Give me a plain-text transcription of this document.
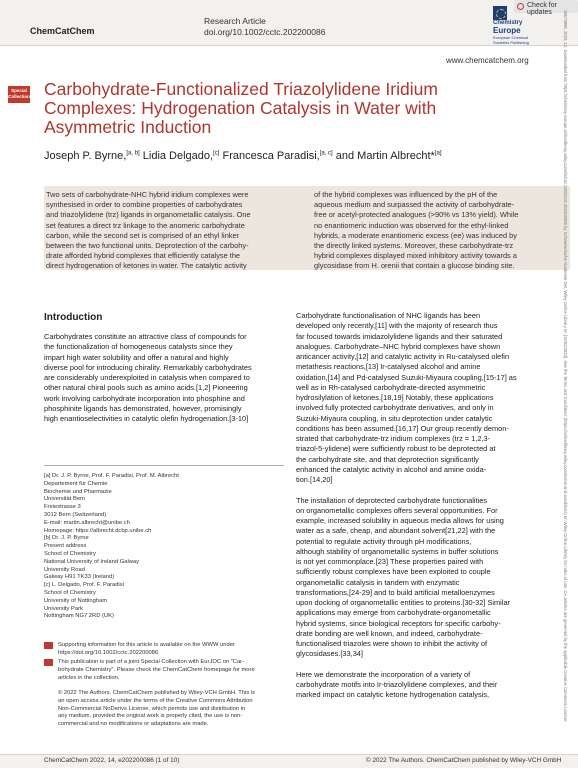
ChemCatChem
Research Article
doi.org/10.1002/cctc.202200086
Chemistry
Europe
European Chemical
Societies Publishing
Check for updates
www.chemcatchem.org
Special
Collection Carbohydrate-Functionalized Triazolylidene Iridium
Complexes: Hydrogenation Catalysis in Water with
Asymmetric Induction
Joseph P. Byrne,[a, b] Lidia Delgado,[c] Francesca Paradisi,[a, c] and Martin Albrecht*[a]
Two sets of carbohydrate-NHC hybrid iridium complexes were
synthesised in order to combine properties of carbohydrates
and triazolylidene (trz) ligands in organometallic catalysis. One
set features a direct trz linkage to the anomeric carbohydrate
carbon, while the second set is comprised of an ethyl linker
between the two functional units. Deprotection of the carbohy-
drate afforded hybrid complexes that efficiently catalyse the
direct hydrogenation of ketones in water. The catalytic activity
of the hybrid complexes was influenced by the pH of the
aqueous medium and surpassed the activity of carbohydrate-
free or acetyl-protected analogues (>90% vs 13% yield). While
no enantiomeric induction was observed for the ethyl-linked
hybrids, a moderate enantiomeric excess (ee) was induced by
the directly linked systems. Moreover, these carbohydrate-trz
hybrid complexes displayed mixed inhibitory activity towards a
glycosidase from H. orenii that contain a glucose binding site.
Introduction
Carbohydrates constitute an attractive class of compounds for
the functionalization of homogeneous catalysts since they
impart high water solubility and offer a natural and highly
diverse pool for introducing chirality. Remarkably carbohydrates
are considerably underexploited in catalysis when compared to
other natural chiral pools such as amino acids.[1,2] Pioneering
work involving carbohydrate incorporation into phosphine and
phosphinite ligands has demonstrated, however, promisingly
high enantioselectivities in catalytic olefin hydrogenation.[3-10]
Carbohydrate functionalisation of NHC ligands has been
developed only recently,[11] with the majority of research thus
far focused towards imidazolylidene ligands and their saturated
analogues. Carbohydrate–NHC hybrid complexes have shown
anticancer activity,[12] and catalytic activity in Ru-catalysed olefin
metathesis reactions,[13] Ir-catalysed alcohol and amine
oxidation,[14] and Pd-catalysed Suzuki-Miyaura coupling,[15-17] as
well as in Rh-catalysed carbohydrate-directed asymmetric
hydrosilylation of ketones.[18,19] Notably, these applications
involved fully protected carbohydrate derivatives, and only in
Suzuki-Miyaura coupling, in situ deprotection under catalytic
conditions has been assumed.[16,17] Our group recently demon-
strated that carbohydrate-trz iridium complexes (trz = 1,2,3-
triazol-5-ylidene) were sufficiently robust to be deprotected at
the carbohydrate site, and that deprotection significantly
enhanced the catalytic activity in alcohol and amine oxida-
tion.[14,20]

The installation of deprotected carbohydrate functionalities
on organometallic complexes offers several opportunities. For
example, increased solubility in aqueous media allows for using
water as a safe, cheap, and abundant solvent[21,22] with the
potential to regulate activity through pH modifications,
although stability of organometallic systems in buffer solutions
is not yet commonplace.[23] These properties paired with
sufficiently robust complexes have been exploited to couple
organometallic catalysis in tandem with enzymatic
transformations,[24-29] and to build artificial metalloenzymes
upon docking of organometallic entities to proteins.[30-32] Similar
applications may emerge from carbohydrate-organometallic
hybrid systems, since biological receptors for specific carbohy-
drate bonding are well known, and indeed, carbohydrate-
functionalised triazoles were shown to inhibit the activity of
glycosidases.[33,34]

Here we demonstrate the incorporation of a variety of
carbohydrate motifs into Ir-triazolylidene complexes, and their
marked impact on catalytic ketone hydrogenation catalysis,
[a] Dr. J. P. Byrne, Prof. F. Paradisi, Prof. M. Albrecht
Departement für Chemie
Biochemie und Pharmazie
Universität Bern
Freiestrasse 3
3012 Bern (Switzerland)
E-mail: martin.albrecht@unibe.ch
Homepage: https://albrecht.dcbp.unibe.ch
[b] Dr. J. P. Byrne
Present address
School of Chemistry
National University of Ireland Galway
University Road
Galway H91 TK33 (Ireland)
[c] L. Delgado, Prof. F. Paradisi
School of Chemistry
University of Nottingham
University Park
Nottingham NG7 2RD (UK)
Supporting information for this article is available on the WWW under
https://doi.org/10.1002/cctc.202200086
This publication is part of a joint Special Collection with EurJOC on "Car-
bohydrate Chemistry". Please check the ChemCatChem homepage for more
articles in the collection.
© 2022 The Authors. ChemCatChem published by Wiley-VCH GmbH. This is
an open access article under the terms of the Creative Commons Attribution
Non-Commercial NoDerivs License, which permits use and distribution in
any medium, provided the original work is properly cited, the use is non-
commercial and no modifications or adaptations are made.
ChemCatChem 2022, 14, e202200086 (1 of 10)	© 2022 The Authors. ChemCatChem published by Wiley-VCH GmbH
18673899, 2022, 12, Downloaded from https://chemistry-europe.onlinelibrary.wiley.com/doi/10.1002/cctc.202200086 by Schweizerische Akademie Der, Wiley Online Library on [16/02/2023]. See the Terms and Conditions (https://onlinelibrary.wiley.com/terms-and-conditions) on Wiley Online Library for rules of use; OA articles are governed by the applicable Creative Commons License
